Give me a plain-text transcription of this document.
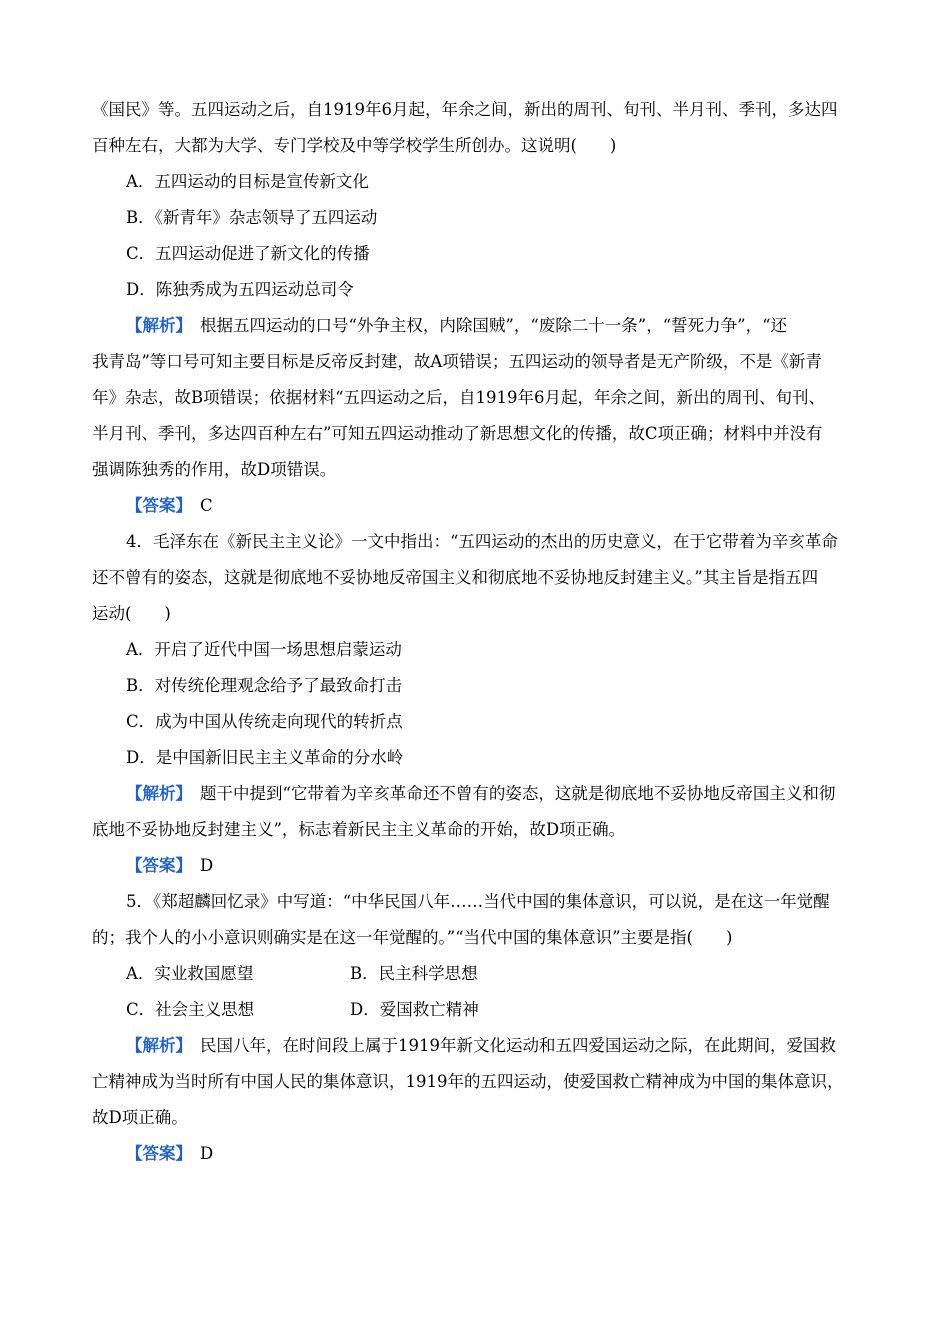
《国民》等。五四运动之后，自1919年6月起，年余之间，新出的周刊、旬刊、半月刊、季刊，多达四
百种左右，大都为大学、专门学校及中等学校学生所创办。这说明(　　)
A．五四运动的目标是宣传新文化
B．《新青年》杂志领导了五四运动
C．五四运动促进了新文化的传播
D．陈独秀成为五四运动总司令
【解析】 根据五四运动的口号“外争主权，内除国贼”，“废除二十一条”，“誓死力争”，“还
我青岛”等口号可知主要目标是反帝反封建，故A项错误；五四运动的领导者是无产阶级，不是《新青
年》杂志，故B项错误；依据材料“五四运动之后，自1919年6月起，年余之间，新出的周刊、旬刊、
半月刊、季刊，多达四百种左右”可知五四运动推动了新思想文化的传播，故C项正确；材料中并没有
强调陈独秀的作用，故D项错误。
【答案】 C
4．毛泽东在《新民主主义论》一文中指出：“五四运动的杰出的历史意义，在于它带着为辛亥革命
还不曾有的姿态，这就是彻底地不妥协地反帝国主义和彻底地不妥协地反封建主义。”其主旨是指五四
运动(　　)
A．开启了近代中国一场思想启蒙运动
B．对传统伦理观念给予了最致命打击
C．成为中国从传统走向现代的转折点
D．是中国新旧民主主义革命的分水岭
【解析】 题干中提到“它带着为辛亥革命还不曾有的姿态，这就是彻底地不妥协地反帝国主义和彻
底地不妥协地反封建主义”，标志着新民主主义革命的开始，故D项正确。
【答案】 D
5．《郑超麟回忆录》中写道：“中华民国八年……当代中国的集体意识，可以说，是在这一年觉醒
的；我个人的小小意识则确实是在这一年觉醒的。”“当代中国的集体意识”主要是指(　　)
A．实业救国愿望	B．民主科学思想
C．社会主义思想	D．爱国救亡精神
【解析】 民国八年，在时间段上属于1919年新文化运动和五四爱国运动之际，在此期间，爱国救
亡精神成为当时所有中国人民的集体意识，1919年的五四运动，使爱国救亡精神成为中国的集体意识，
故D项正确。
【答案】 D
